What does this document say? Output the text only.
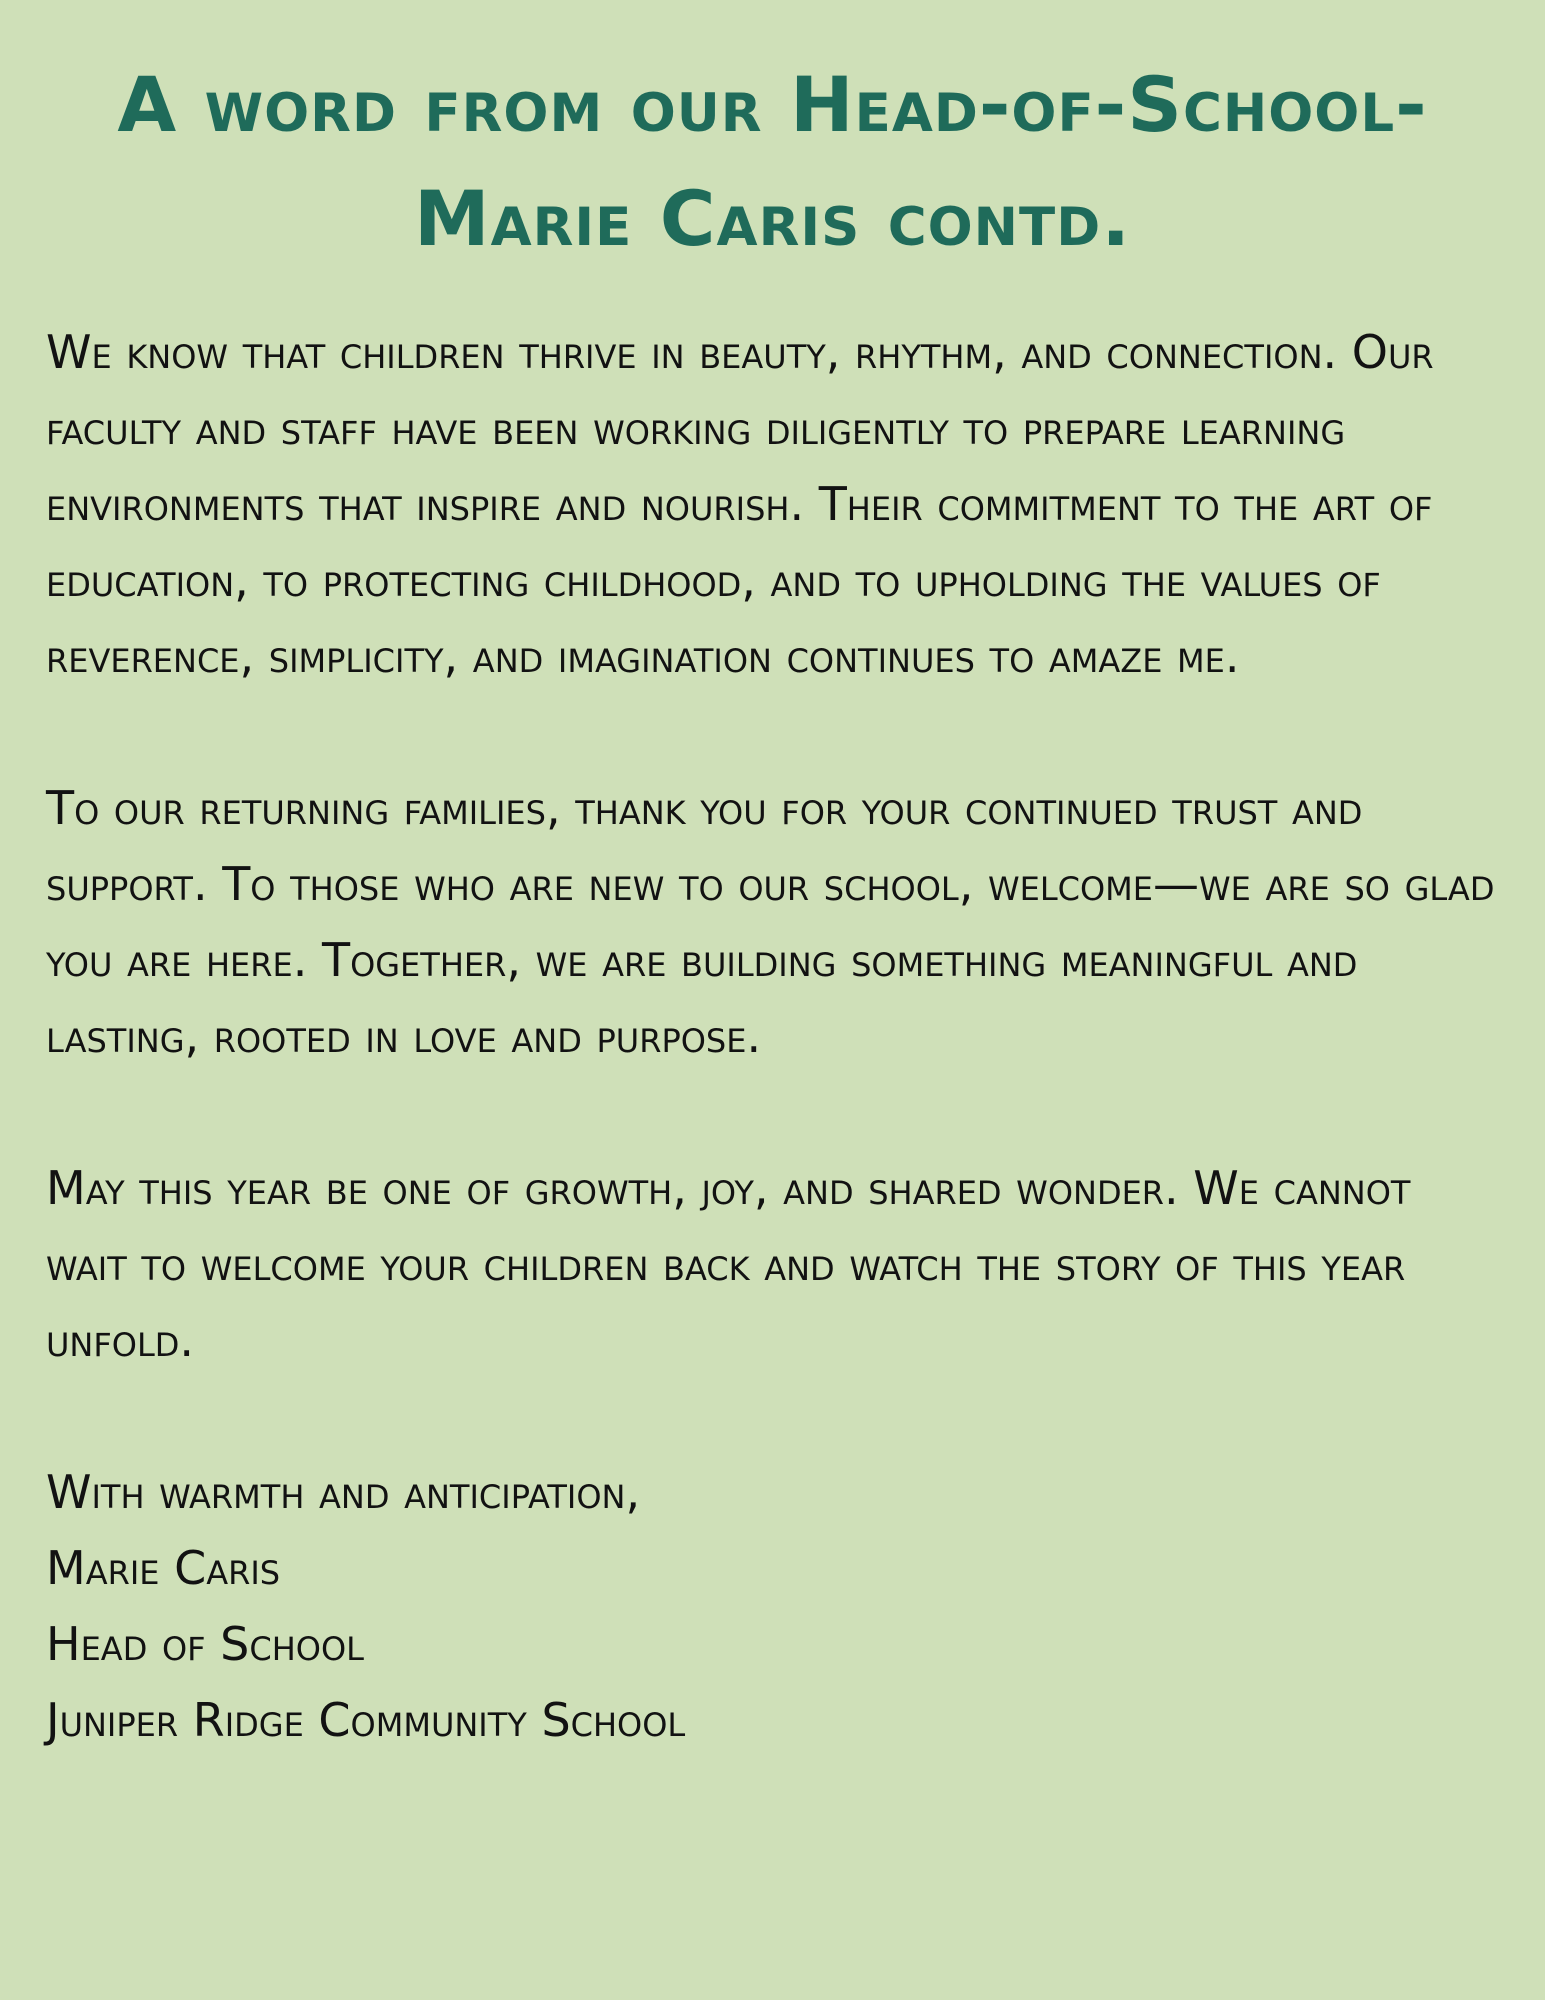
A word from our Head-of-School-
Marie Caris contd.

We know that children thrive in beauty, rhythm, and connection. Our faculty and staff have been working diligently to prepare learning environments that inspire and nourish. Their commitment to the art of education, to protecting childhood, and to upholding the values of reverence, simplicity, and imagination continues to amaze me.

To our returning families, thank you for your continued trust and support. To those who are new to our school, welcome—we are so glad you are here. Together, we are building something meaningful and lasting, rooted in love and purpose.

May this year be one of growth, joy, and shared wonder. We cannot wait to welcome your children back and watch the story of this year unfold.

With warmth and anticipation,

Marie Caris

Head of School

Juniper Ridge Community School
